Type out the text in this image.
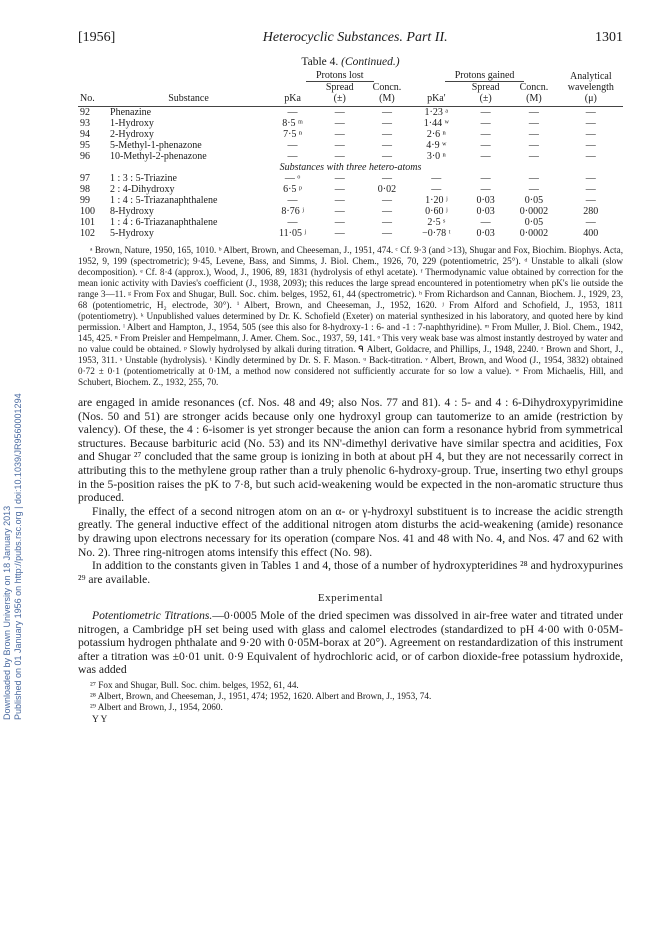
Downloaded by Brown University on 18 January 2013 Published on 01 January 1956 on http://pubs.rsc.org | doi:10.1039/JR9560001294
[1956]	Heterocyclic Substances. Part II.	1301
Table 4. (Continued.)
		Protons lost			Protons gained			Analytical
			Spread	Concn.		Spread	Concn.	wavelength
No.	Substance	pKa	(±)	(M)	pKa'	(±)	(M)	(μ)

92	Phenazine	—	—	—	1·23 ᵃ	—	—	—
93	1-Hydroxy	8·5 ᵐ	—	—	1·44 ʷ	—	—	—
94	2-Hydroxy	7·5 ⁿ	—	—	2·6 ⁿ	—	—	—
95	5-Methyl-1-phenazone	—	—	—	4·9 ʷ	—	—	—
96	10-Methyl-2-phenazone	—	—	—	3·0 ⁿ	—	—	—
Substances with three hetero-atoms								
97	1 : 3 : 5-Triazine	— ᵒ	—	—	—	—	—	—
98	2 : 4-Dihydroxy	6·5 ᵖ	—	0·02	—	—	—	—
99	1 : 4 : 5-Triazanaphthalene	—	—	—	1·20 ʲ	0·03	0·05	—
100	8-Hydroxy	8·76 ʲ	—	—	0·60 ʲ	0·03	0·0002	280
101	1 : 4 : 6-Triazanaphthalene	—	—	—	2·5 ˢ	—	0·05	—
102	5-Hydroxy	11·05 ʲ	—	—	−0·78 ᵗ	0·03	0·0002	400
ᵃ Brown, Nature, 1950, 165, 1010. ᵇ Albert, Brown, and Cheeseman, J., 1951, 474. ᶜ Cf. 9·3 (and >13), Shugar and Fox, Biochim. Biophys. Acta, 1952, 9, 199 (spectrometric); 9·45, Levene, Bass, and Simms, J. Biol. Chem., 1926, 70, 229 (potentiometric, 25°). ᵈ Unstable to alkali (slow decomposition). ᵉ Cf. 8·4 (approx.), Wood, J., 1906, 89, 1831 (hydrolysis of ethyl acetate). ᶠ Thermodynamic value obtained by correction for the mean ionic activity with Davies's coefficient (J., 1938, 2093); this reduces the large spread encountered in potentiometry when pK's lie outside the range 3—11. ᵍ From Fox and Shugar, Bull. Soc. chim. belges, 1952, 61, 44 (spectrometric). ʰ From Richardson and Cannan, Biochem. J., 1929, 23, 68 (potentiometric, H₂ electrode, 30°). ⁱ Albert, Brown, and Cheeseman, J., 1952, 1620. ʲ From Alford and Schofield, J., 1953, 1811 (potentiometry). ᵏ Unpublished values determined by Dr. K. Schofield (Exeter) on material synthesized in his laboratory, and quoted here by kind permission. ˡ Albert and Hampton, J., 1954, 505 (see this also for 8-hydroxy-1 : 6- and -1 : 7-naphthyridine). ᵐ From Muller, J. Biol. Chem., 1942, 145, 425. ⁿ From Preisler and Hempelmann, J. Amer. Chem. Soc., 1937, 59, 141. ᵒ This very weak base was almost instantly destroyed by water and no value could be obtained. ᵖ Slowly hydrolysed by alkali during titration. ᑫ Albert, Goldacre, and Phillips, J., 1948, 2240. ʳ Brown and Short, J., 1953, 311. ˢ Unstable (hydrolysis). ᵗ Kindly determined by Dr. S. F. Mason. ᵘ Back-titration. ᵛ Albert, Brown, and Wood (J., 1954, 3832) obtained 0·72 ± 0·1 (potentiometrically at 0·1M, a method now considered not sufficiently accurate for so low a value). ʷ From Michaelis, Hill, and Schubert, Biochem. Z., 1932, 255, 70.

are engaged in amide resonances (cf. Nos. 48 and 49; also Nos. 77 and 81). 4 : 5- and 4 : 6-Dihydroxypyrimidine (Nos. 50 and 51) are stronger acids because only one hydroxyl group can tautomerize to an amide (restriction by valency). Of these, the 4 : 6-isomer is yet stronger because the anion can form a resonance hybrid from symmetrical structures. Because barbituric acid (No. 53) and its NN'-dimethyl derivative have similar spectra and acidities, Fox and Shugar ²⁷ concluded that the same group is ionizing in both at about pH 4, but they are not necessarily correct in attributing this to the methylene group rather than a truly phenolic 6-hydroxy-group. True, inserting two ethyl groups in the 5-position raises the pK to 7·8, but such acid-weakening would be expected in the non-aromatic structure thus produced.

Finally, the effect of a second nitrogen atom on an α- or γ-hydroxyl substituent is to increase the acidic strength greatly. The general inductive effect of the additional nitrogen atom disturbs the acid-weakening (amide) resonance by drawing upon electrons necessary for its operation (compare Nos. 41 and 48 with No. 4, and Nos. 47 and 62 with No. 2). Three ring-nitrogen atoms intensify this effect (No. 98).

In addition to the constants given in Tables 1 and 4, those of a number of hydroxypteridines ²⁸ and hydroxypurines ²⁹ are available.

Experimental

Potentiometric Titrations.—0·0005 Mole of the dried specimen was dissolved in air-free water and titrated under nitrogen, a Cambridge pH set being used with glass and calomel electrodes (standardized to pH 4·00 with 0·05M-potassium hydrogen phthalate and 9·20 with 0·05M-borax at 20°). Agreement on restandardization of this instrument after a titration was ±0·01 unit. 0·9 Equivalent of hydrochloric acid, or of carbon dioxide-free potassium hydroxide, was added

²⁷ Fox and Shugar, Bull. Soc. chim. belges, 1952, 61, 44.
²⁸ Albert, Brown, and Cheeseman, J., 1951, 474; 1952, 1620. Albert and Brown, J., 1953, 74.
²⁹ Albert and Brown, J., 1954, 2060.
Y Y
